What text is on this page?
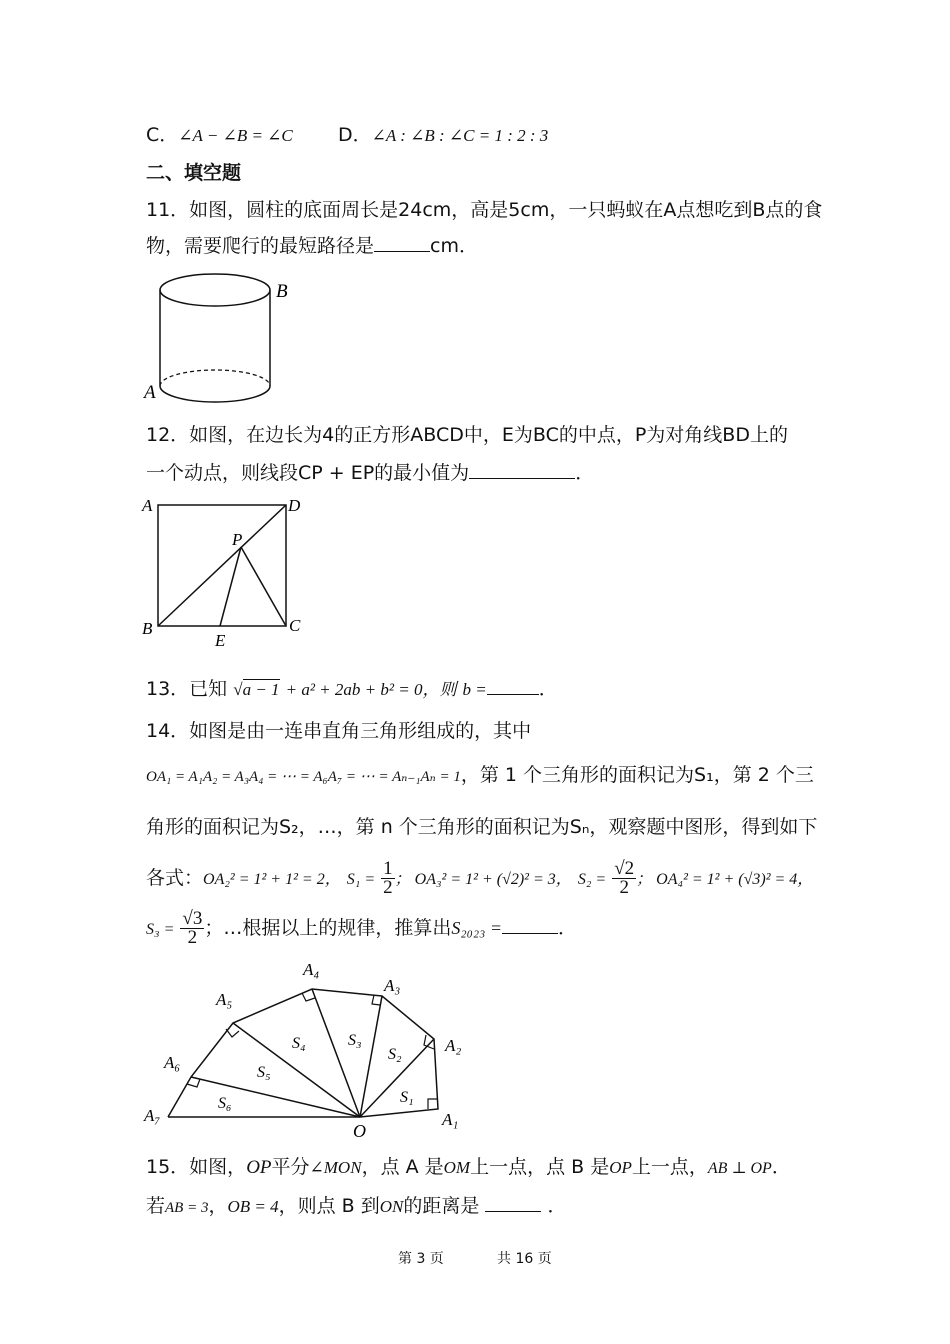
C．∠A − ∠B = ∠C D．∠A : ∠B : ∠C = 1 : 2 : 3
二、填空题
11．如图，圆柱的底面周长是24cm，高是5cm，一只蚂蚁在A点想吃到B点的食
物，需要爬行的最短路径是	cm．
B
A
12．如图，在边长为4的正方形ABCD中，E为BC的中点，P为对角线BD上的
一个动点，则线段CP + EP的最小值为	．
A	D
B	C
E
P
13．已知 √a − 1 + a² + 2ab + b² = 0，则 b =	．
14．如图是由一连串直角三角形组成的，其中
OA₁ = A₁A₂ = A₃A₄ = ⋯ = A₆A₇ = ⋯ = Aₙ₋₁Aₙ = 1，第 1 个三角形的面积记为S₁，第 2 个三
角形的面积记为S₂，…，第 n 个三角形的面积记为Sₙ，观察题中图形，得到如下
各式：OA₂² = 1² + 1² = 2， $S_1 = \frac{1}{2}$ ； OA₃² = 1² + (√2)² = 3， $S_2 = \frac{√2}{2}$ ； OA₄² = 1² + (√3)² = 4，
$S_3 = \frac{√3}{2}$ ；…根据以上的规律，推算出S₂₀₂₃ =	．
O
A₁
A₂
A₃
A₄
A₅
A₆
A₇
S₁
S₂
S₃
S₄
S₅
S₆
15．如图，OP平分∠MON，点 A 是OM上一点，点 B 是OP上一点，AB ⊥ OP．
若AB = 3，OB = 4，则点 B 到ON的距离是	．
第 3 页	共 16 页
